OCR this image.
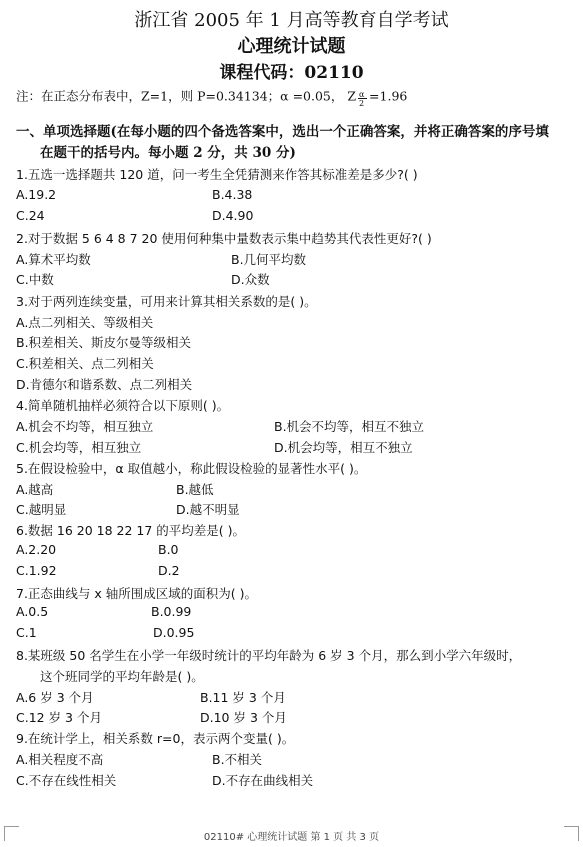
浙江省 2005 年 1 月高等教育自学考试
心理统计试题
课程代码：02110
注：在正态分布表中，Z=1，则 P=0.34134；α =0.05， Z $\frac{\alpha}{2} =1.96$
一、单项选择题(在每小题的四个备选答案中，选出一个正确答案，并将正确答案的序号填
在题干的括号内。每小题 2 分，共 30 分)
1.五选一选择题共 120 道，问一考生全凭猜测来作答其标准差是多少?( )
A.19.2	B.4.38
C.24	D.4.90
2.对于数据 5 6 4 8 7 20 使用何种集中量数表示集中趋势其代表性更好?( )
A.算术平均数	B.几何平均数
C.中数	D.众数
3.对于两列连续变量，可用来计算其相关系数的是( )。
A.点二列相关、等级相关
B.积差相关、斯皮尔曼等级相关
C.积差相关、点二列相关
D.肯德尔和谐系数、点二列相关
4.简单随机抽样必须符合以下原则( )。
A.机会不均等，相互独立	B.机会不均等，相互不独立
C.机会均等，相互独立	D.机会均等，相互不独立
5.在假设检验中，α 取值越小，称此假设检验的显著性水平( )。
A.越高	B.越低
C.越明显	D.越不明显
6.数据 16 20 18 22 17 的平均差是( )。
A.2.20	B.0
C.1.92	D.2
7.正态曲线与 x 轴所围成区域的面积为( )。
A.0.5	B.0.99
C.1	D.0.95
8.某班级 50 名学生在小学一年级时统计的平均年龄为 6 岁 3 个月，那么到小学六年级时，
这个班同学的平均年龄是( )。
A.6 岁 3 个月	B.11 岁 3 个月
C.12 岁 3 个月	D.10 岁 3 个月
9.在统计学上，相关系数 r=0，表示两个变量( )。
A.相关程度不高	B.不相关
C.不存在线性相关	D.不存在曲线相关
02110# 心理统计试题 第 1 页 共 3 页
